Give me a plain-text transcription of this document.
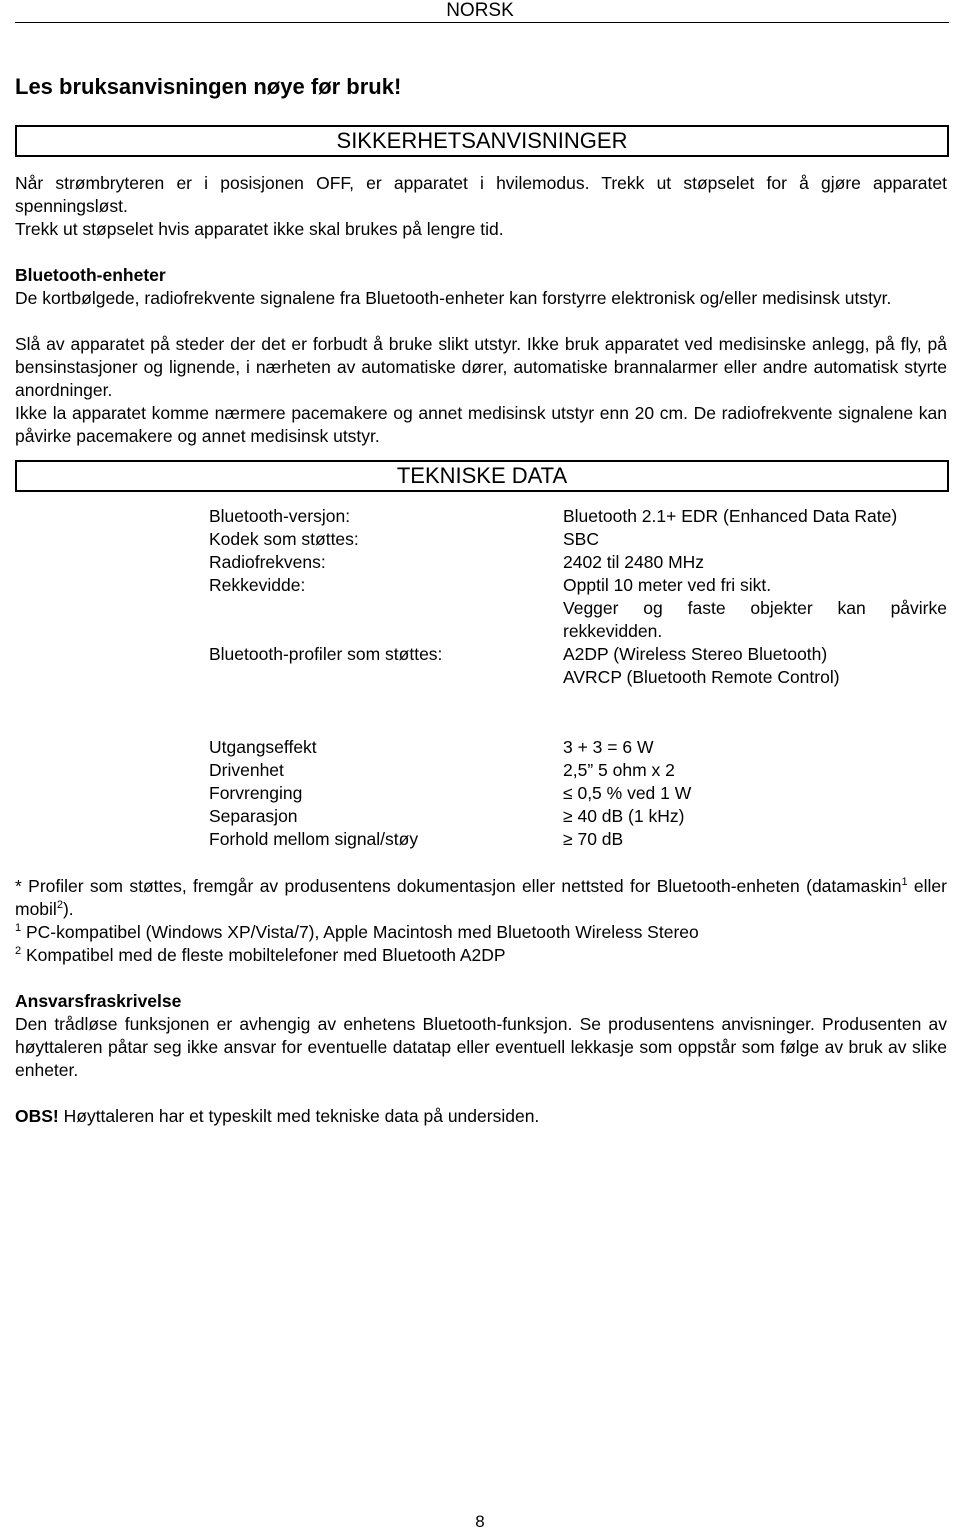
NORSK
Les bruksanvisningen nøye før bruk!
SIKKERHETSANVISNINGER
Når strømbryteren er i posisjonen OFF, er apparatet i hvilemodus. Trekk ut støpselet for å gjøre apparatet spenningsløst.
Trekk ut støpselet hvis apparatet ikke skal brukes på lengre tid.
Bluetooth-enheter
De kortbølgede, radiofrekvente signalene fra Bluetooth-enheter kan forstyrre elektronisk og/eller medisinsk utstyr.
Slå av apparatet på steder der det er forbudt å bruke slikt utstyr. Ikke bruk apparatet ved medisinske anlegg, på fly, på bensinstasjoner og lignende, i nærheten av automatiske dører, automatiske brannalarmer eller andre automatisk styrte anordninger.
Ikke la apparatet komme nærmere pacemakere og annet medisinsk utstyr enn 20 cm. De radiofrekvente signalene kan påvirke pacemakere og annet medisinsk utstyr.
TEKNISKE DATA
Bluetooth-versjon:	Bluetooth 2.1+ EDR (Enhanced Data Rate)
Kodek som støttes:	SBC
Radiofrekvens:	2402 til 2480 MHz
Rekkevidde:	Opptil 10 meter ved fri sikt.
Vegger og faste objekter kan påvirke rekkevidden.
Bluetooth-profiler som støttes:	A2DP (Wireless Stereo Bluetooth)
AVRCP (Bluetooth Remote Control)
Utgangseffekt	3 + 3 = 6 W
Drivenhet	2,5” 5 ohm x 2
Forvrenging	≤ 0,5 % ved 1 W
Separasjon	≥ 40 dB (1 kHz)
Forhold mellom signal/støy	≥ 70 dB
* Profiler som støttes, fremgår av produsentens dokumentasjon eller nettsted for Bluetooth-enheten (datamaskin$^1$ eller mobil$^2$).
$^1$ PC-kompatibel (Windows XP/Vista/7), Apple Macintosh med Bluetooth Wireless Stereo
$^2$ Kompatibel med de fleste mobiltelefoner med Bluetooth A2DP
Ansvarsfraskrivelse
Den trådløse funksjonen er avhengig av enhetens Bluetooth-funksjon. Se produsentens anvisninger. Produsenten av høyttaleren påtar seg ikke ansvar for eventuelle datatap eller eventuell lekkasje som oppstår som følge av bruk av slike enheter.
OBS! Høyttaleren har et typeskilt med tekniske data på undersiden.
8
